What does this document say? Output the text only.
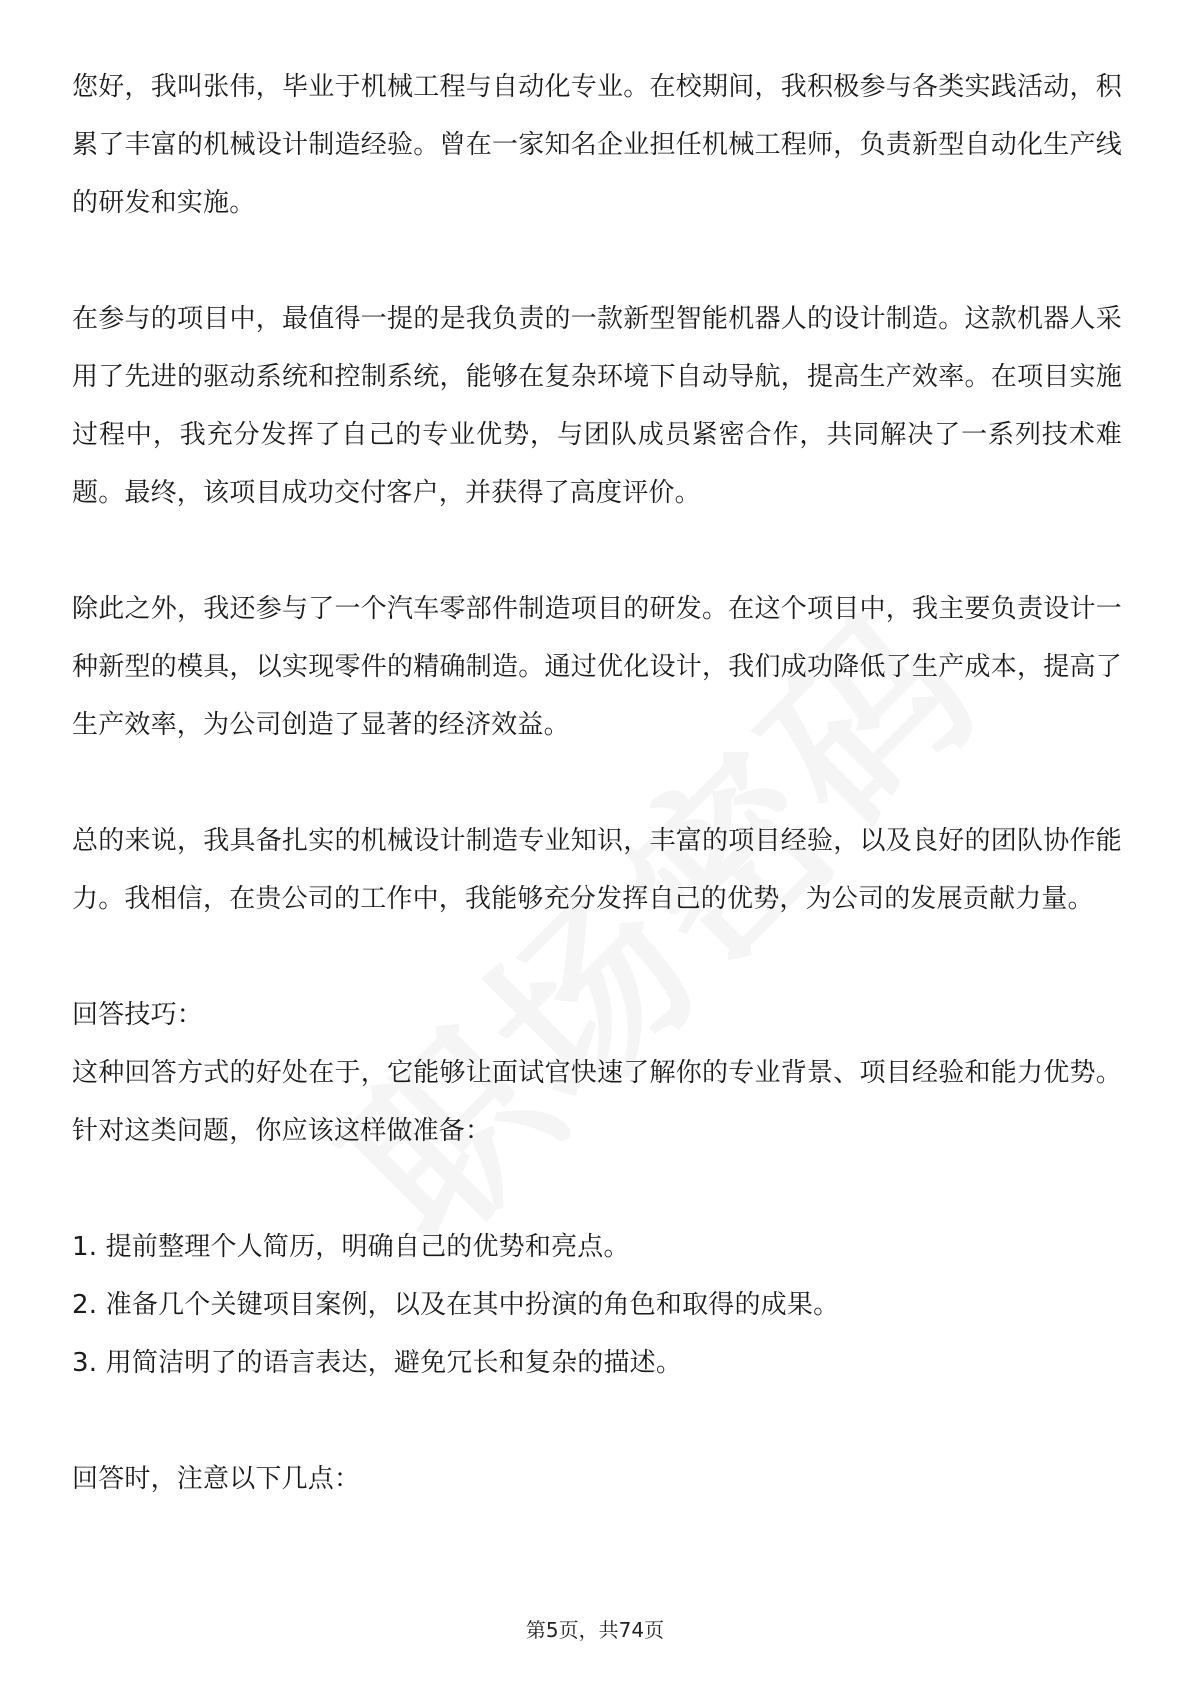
您好，我叫张伟，毕业于机械工程与自动化专业。在校期间，我积极参与各类实践活动，积累了丰富的机械设计制造经验。曾在一家知名企业担任机械工程师，负责新型自动化生产线的研发和实施。

在参与的项目中，最值得一提的是我负责的一款新型智能机器人的设计制造。这款机器人采用了先进的驱动系统和控制系统，能够在复杂环境下自动导航，提高生产效率。在项目实施过程中，我充分发挥了自己的专业优势，与团队成员紧密合作，共同解决了一系列技术难题。最终，该项目成功交付客户，并获得了高度评价。

除此之外，我还参与了一个汽车零部件制造项目的研发。在这个项目中，我主要负责设计一种新型的模具，以实现零件的精确制造。通过优化设计，我们成功降低了生产成本，提高了生产效率，为公司创造了显著的经济效益。

总的来说，我具备扎实的机械设计制造专业知识，丰富的项目经验，以及良好的团队协作能力。我相信，在贵公司的工作中，我能够充分发挥自己的优势，为公司的发展贡献力量。

回答技巧：

这种回答方式的好处在于，它能够让面试官快速了解你的专业背景、项目经验和能力优势。针对这类问题，你应该这样做准备：

1. 提前整理个人简历，明确自己的优势和亮点。

2. 准备几个关键项目案例，以及在其中扮演的角色和取得的成果。

3. 用简洁明了的语言表达，避免冗长和复杂的描述。

回答时，注意以下几点：

第5页，共74页
